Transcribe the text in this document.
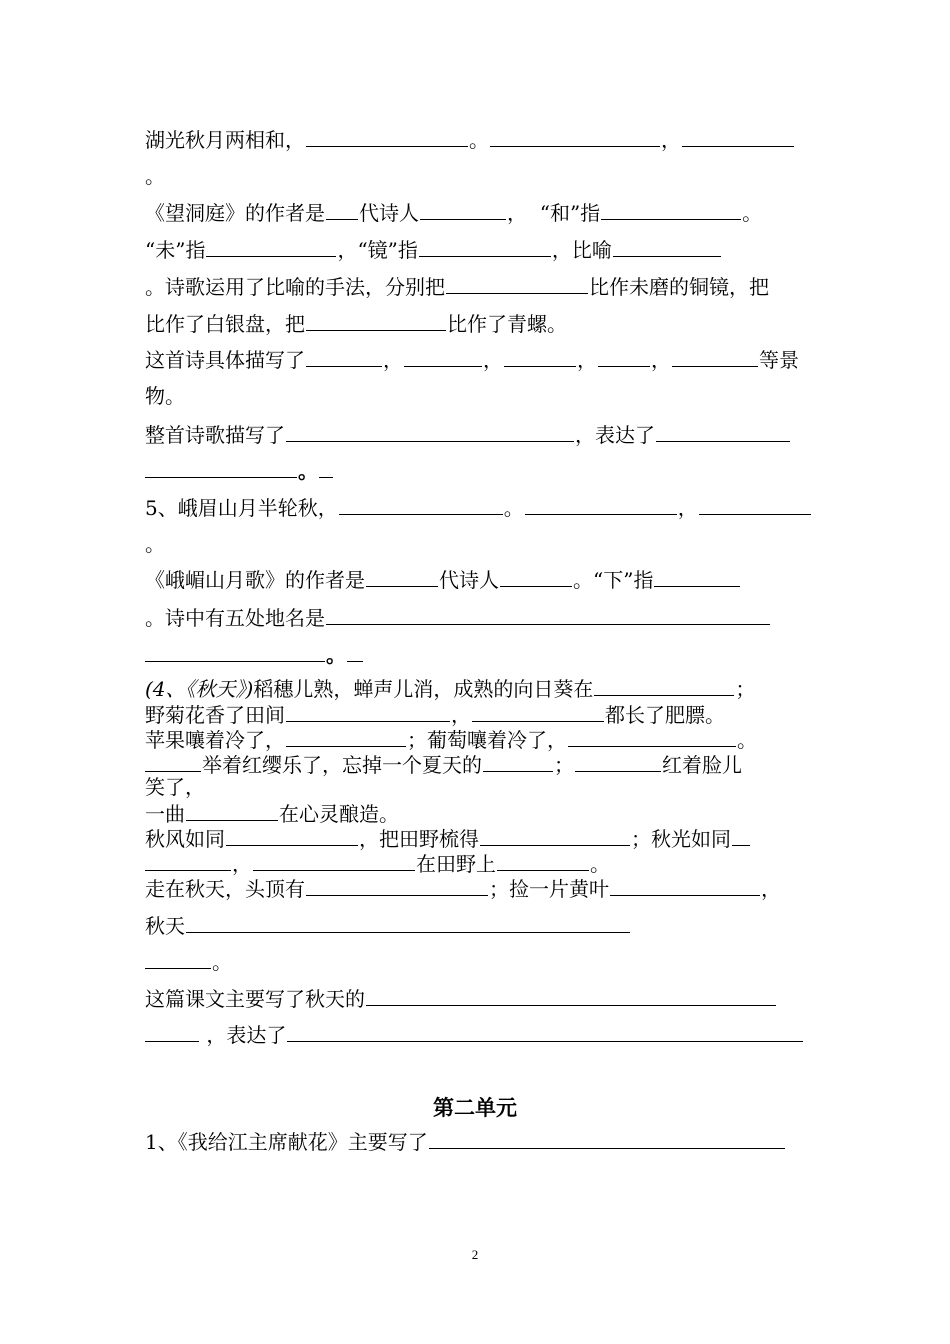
湖光秋月两相和，	。	，
。
《望洞庭》的作者是 代诗人	， “和”指	。
“未”指	，“镜”指	，比喻
。诗歌运用了比喻的手法，分别把	比作未磨的铜镜，把
比作了白银盘，把	比作了青螺。
这首诗具体描写了	，	，	，	，	等景
物。
整首诗歌描写了	，表达了
。
5、峨眉山月半轮秋，	。	，
。
《峨嵋山月歌》的作者是	代诗人	。“下”指
。诗中有五处地名是
。
(4、《秋天》)稻穗儿熟，蝉声儿消，成熟的向日葵在	；
野菊花香了田间	，	都长了肥膘。
苹果嚷着冷了，	；葡萄嚷着冷了，	。
举着红缨乐了，忘掉一个夏天的	；	红着脸儿
笑了，
一曲	在心灵酿造。
秋风如同	，把田野梳得	；秋光如同
，	在田野上	。
走在秋天，头顶有	；捡一片黄叶	，
秋天
。
这篇课文主要写了秋天的
，表达了
第二单元
1、《我给江主席献花》主要写了
2
